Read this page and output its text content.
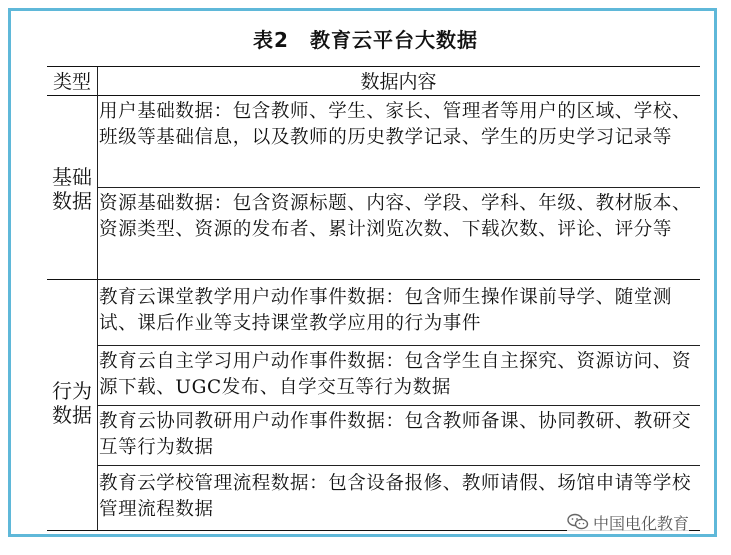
表2　教育云平台大数据
类型	数据内容
基础数据
行为数据
用户基础数据：包含教师、学生、家长、管理者等用户的区域、学校、班级等基础信息，以及教师的历史教学记录、学生的历史学习记录等
资源基础数据：包含资源标题、内容、学段、学科、年级、教材版本、资源类型、资源的发布者、累计浏览次数、下载次数、评论、评分等
教育云课堂教学用户动作事件数据：包含师生操作课前导学、随堂测试、课后作业等支持课堂教学应用的行为事件
教育云自主学习用户动作事件数据：包含学生自主探究、资源访问、资源下载、UGC发布、自学交互等行为数据
教育云协同教研用户动作事件数据：包含教师备课、协同教研、教研交互等行为数据
教育云学校管理流程数据：包含设备报修、教师请假、场馆申请等学校管理流程数据
中国电化教育
